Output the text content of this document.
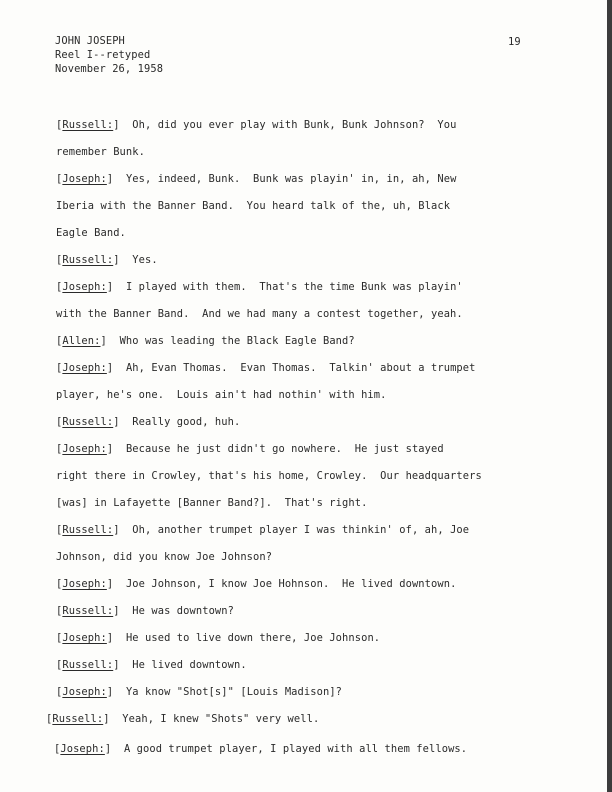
JOHN JOSEPH
Reel I--retyped
November 26, 1958
19
[Russell:] Oh, did you ever play with Bunk, Bunk Johnson?  You
remember Bunk.
[Joseph:] Yes, indeed, Bunk.  Bunk was playin' in, in, ah, New
Iberia with the Banner Band.  You heard talk of the, uh, Black
Eagle Band.
[Russell:] Yes.
[Joseph:] I played with them.  That's the time Bunk was playin'
with the Banner Band.  And we had many a contest together, yeah.
[Allen:] Who was leading the Black Eagle Band?
[Joseph:] Ah, Evan Thomas.  Evan Thomas.  Talkin' about a trumpet
player, he's one.  Louis ain't had nothin' with him.
[Russell:] Really good, huh.
[Joseph:] Because he just didn't go nowhere.  He just stayed
right there in Crowley, that's his home, Crowley.  Our headquarters
[was] in Lafayette [Banner Band?].  That's right.
[Russell:] Oh, another trumpet player I was thinkin' of, ah, Joe
Johnson, did you know Joe Johnson?
[Joseph:] Joe Johnson, I know Joe Hohnson.  He lived downtown.
[Russell:] He was downtown?
[Joseph:] He used to live down there, Joe Johnson.
[Russell:] He lived downtown.
[Joseph:] Ya know "Shot[s]" [Louis Madison]?
[Russell:] Yeah, I knew "Shots" very well.
[Joseph:] A good trumpet player, I played with all them fellows.
